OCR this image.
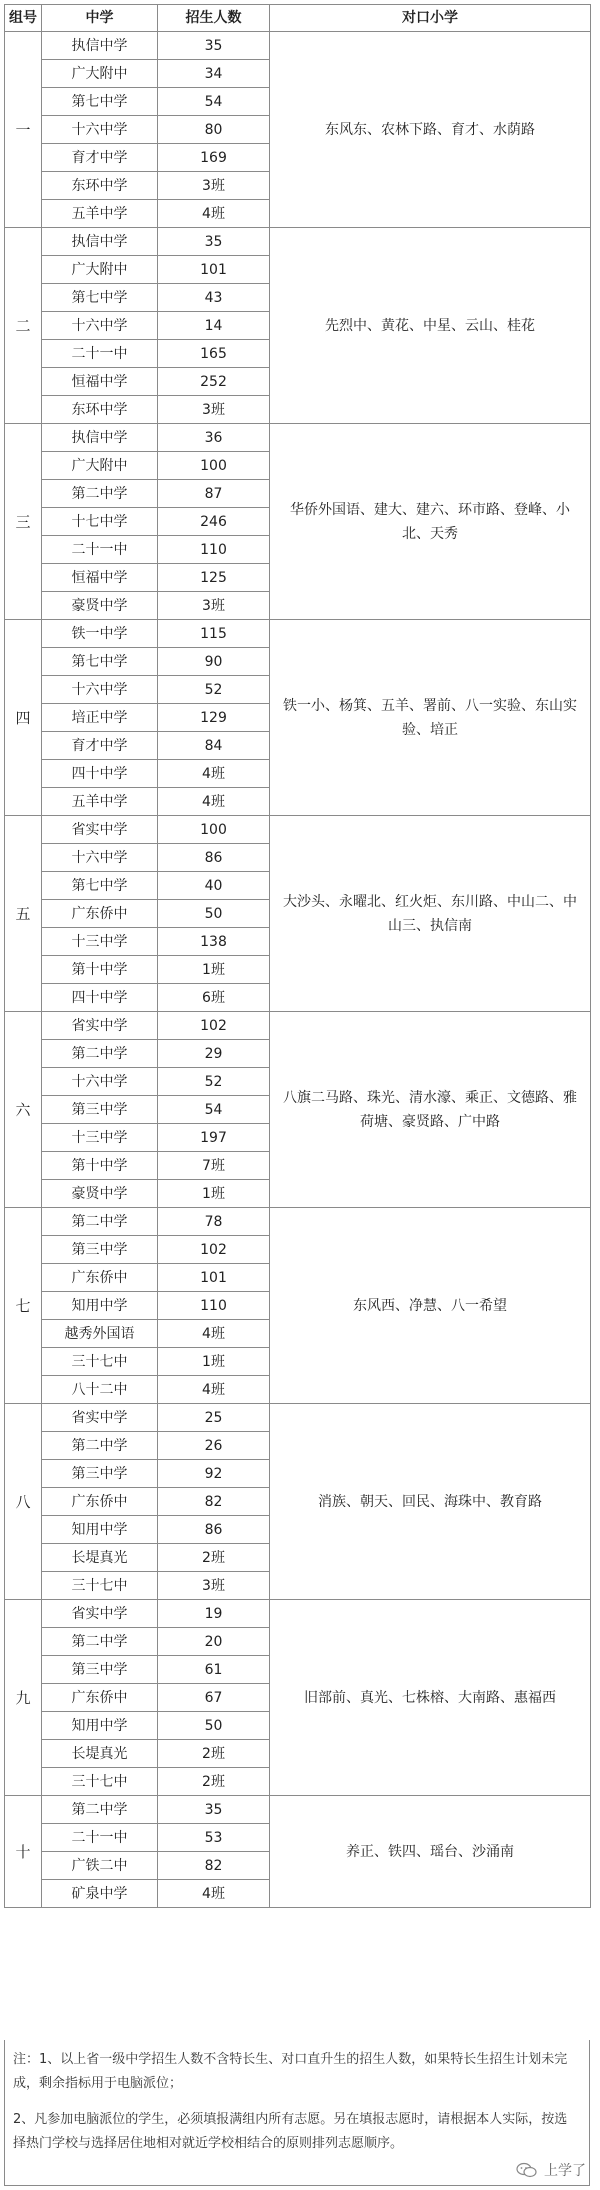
组号	中学	招生人数	对口小学
一	执信中学	35	东风东、农林下路、育才、水荫路
	广大附中	34	
	第七中学	54	
	十六中学	80	
	育才中学	169	
	东环中学	3班	
	五羊中学	4班	
二	执信中学	35	先烈中、黄花、中星、云山、桂花
	广大附中	101	
	第七中学	43	
	十六中学	14	
	二十一中	165	
	恒福中学	252	
	东环中学	3班	
三	执信中学	36	华侨外国语、建大、建六、环市路、登峰、小北、天秀
	广大附中	100	
	第二中学	87	
	十七中学	246	
	二十一中	110	
	恒福中学	125	
	豪贤中学	3班	
四	铁一中学	115	铁一小、杨箕、五羊、署前、八一实验、东山实验、培正
	第七中学	90	
	十六中学	52	
	培正中学	129	
	育才中学	84	
	四十中学	4班	
	五羊中学	4班	
五	省实中学	100	大沙头、永曜北、红火炬、东川路、中山二、中山三、执信南
	十六中学	86	
	第七中学	40	
	广东侨中	50	
	十三中学	138	
	第十中学	1班	
	四十中学	6班	
六	省实中学	102	八旗二马路、珠光、清水濠、乘正、文德路、雅荷塘、豪贤路、广中路
	第二中学	29	
	十六中学	52	
	第三中学	54	
	十三中学	197	
	第十中学	7班	
	豪贤中学	1班	
七	第二中学	78	东风西、净慧、八一希望
	第三中学	102	
	广东侨中	101	
	知用中学	110	
	越秀外国语	4班	
	三十七中	1班	
	八十二中	4班	
八	省实中学	25	消族、朝天、回民、海珠中、教育路
	第二中学	26	
	第三中学	92	
	广东侨中	82	
	知用中学	86	
	长堤真光	2班	
	三十七中	3班	
九	省实中学	19	旧部前、真光、七株榕、大南路、惠福西
	第二中学	20	
	第三中学	61	
	广东侨中	67	
	知用中学	50	
	长堤真光	2班	
	三十七中	2班	
十	第二中学	35	养正、铁四、瑶台、沙涌南
	二十一中	53	
	广铁二中	82	
	矿泉中学	4班	

注：1、以上省一级中学招生人数不含特长生、对口直升生的招生人数，如果特长生招生计划未完成，剩余指标用于电脑派位；

2、凡参加电脑派位的学生，必须填报满组内所有志愿。另在填报志愿时，请根据本人实际，按选择热门学校与选择居住地相对就近学校相结合的原则排列志愿顺序。

上学了
